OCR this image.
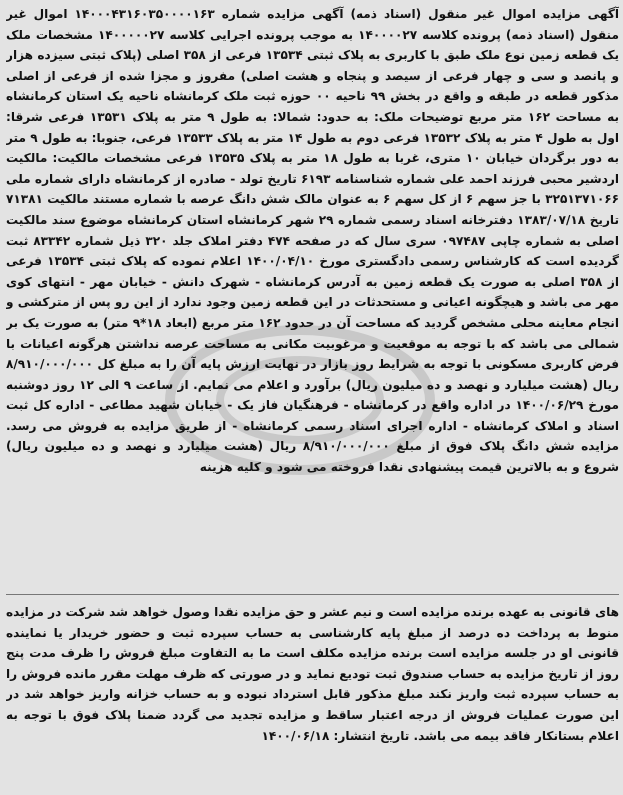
آگهی مزایده اموال غیر منقول (اسناد ذمه) آگهی مزایده شماره ۱۴۰۰۰۴۳۱۶۰۳۵۰۰۰۰۱۶۳ اموال غیر منقول (اسناد ذمه) پرونده کلاسه ۱۴۰۰۰۰۲۷ به موجب پرونده اجرایی کلاسه ۱۴۰۰۰۰۰۲۷ مشخصات ملک یک قطعه زمین نوع ملک طبق با کاربری به پلاک ثبتی ۱۳۵۳۴ فرعی از ۳۵۸ اصلی (پلاک ثبتی سیزده هزار و پانصد و سی و چهار فرعی از سیصد و پنجاه و هشت اصلی) مفروز و مجزا شده از فرعی از اصلی مذکور قطعه در طبقه و واقع در بخش ۹۹ ناحیه ۰۰ حوزه ثبت ملک کرمانشاه ناحیه یک استان کرمانشاه به مساحت ۱۶۲ متر مربع توضیحات ملک: به حدود: شمالا: به طول ۹ متر به پلاک ۱۳۵۳۱ فرعی شرقا: اول به طول ۴ متر به پلاک ۱۳۵۳۲ فرعی دوم به طول ۱۴ متر به پلاک ۱۳۵۳۳ فرعی، جنوبا: به طول ۹ متر به دور برگردان خیابان ۱۰ متری، غربا به طول ۱۸ متر به پلاک ۱۳۵۳۵ فرعی مشخصات مالکیت: مالکیت اردشیر محبی فرزند احمد علی شماره شناسنامه ۶۱۹۳ تاریخ تولد - صادره از کرمانشاه دارای شماره ملی ۳۲۵۱۳۷۱۰۶۶ با جز سهم ۶ از کل سهم ۶ به عنوان مالک شش دانگ عرصه با شماره مستند مالکیت ۷۱۳۸۱ تاریخ ۱۳۸۳/۰۷/۱۸ دفترخانه اسناد رسمی شماره ۲۹ شهر کرمانشاه استان کرمانشاه موضوع سند مالکیت اصلی به شماره چاپی ۰۹۷۴۸۷ سری سال که در صفحه ۴۷۴ دفتر املاک جلد ۳۲۰ ذیل شماره ۸۳۳۴۲ ثبت گردیده است که کارشناس رسمی دادگستری مورخ ۱۴۰۰/۰۴/۱۰ اعلام نموده که پلاک ثبتی ۱۳۵۳۴ فرعی از ۳۵۸ اصلی به صورت یک قطعه زمین به آدرس کرمانشاه - شهرک دانش - خیابان مهر - انتهای کوی مهر می باشد و هیچگونه اعیانی و مستحدثات در این قطعه زمین وجود ندارد از این رو پس از مترکشی و انجام معاینه محلی مشخص گردید که مساحت آن در حدود ۱۶۲ متر مربع (ابعاد ۱۸*۹ متر) به صورت یک بر شمالی می باشد که با توجه به موقعیت و مرغوبیت مکانی به مساحت عرصه نداشتن هرگونه اعیانات با فرض کاربری مسکونی با توجه به شرایط روز بازار در نهایت ارزش پایه آن را به مبلغ کل ۸/۹۱۰/۰۰۰/۰۰۰ ریال (هشت میلیارد و نهصد و ده میلیون ریال) برآورد و اعلام می نمایم. از ساعت ۹ الی ۱۲ روز دوشنبه مورخ ۱۴۰۰/۰۶/۲۹ در اداره واقع در کرمانشاه - فرهنگیان فاز یک - خیابان شهید مطاعی - اداره کل ثبت اسناد و املاک کرمانشاه - اداره اجرای اسناد رسمی کرمانشاه - از طریق مزایده به فروش می رسد. مزایده شش دانگ پلاک فوق از مبلغ ۸/۹۱۰/۰۰۰/۰۰۰ ریال (هشت میلیارد و نهصد و ده میلیون ریال) شروع و به بالاترین قیمت پیشنهادی نقدا فروخته می شود و کلیه هزینه

های قانونی به عهده برنده مزایده است و نیم عشر و حق مزایده نقدا وصول خواهد شد شرکت در مزایده منوط به پرداخت ده درصد از مبلغ پایه کارشناسی به حساب سپرده ثبت و حضور خریدار یا نماینده قانونی او در جلسه مزایده است برنده مزایده مکلف است ما به التفاوت مبلغ فروش را ظرف مدت پنج روز از تاریخ مزایده به حساب صندوق ثبت تودیع نماید و در صورتی که ظرف مهلت مقرر مانده فروش را به حساب سپرده ثبت واریز نکند مبلغ مذکور قابل استرداد نبوده و به حساب خزانه واریز خواهد شد در این صورت عملیات فروش از درجه اعتبار ساقط و مزایده تجدید می گردد ضمنا پلاک فوق با توجه به اعلام بستانکار فاقد بیمه می باشد. تاریخ انتشار: ۱۴۰۰/۰۶/۱۸
